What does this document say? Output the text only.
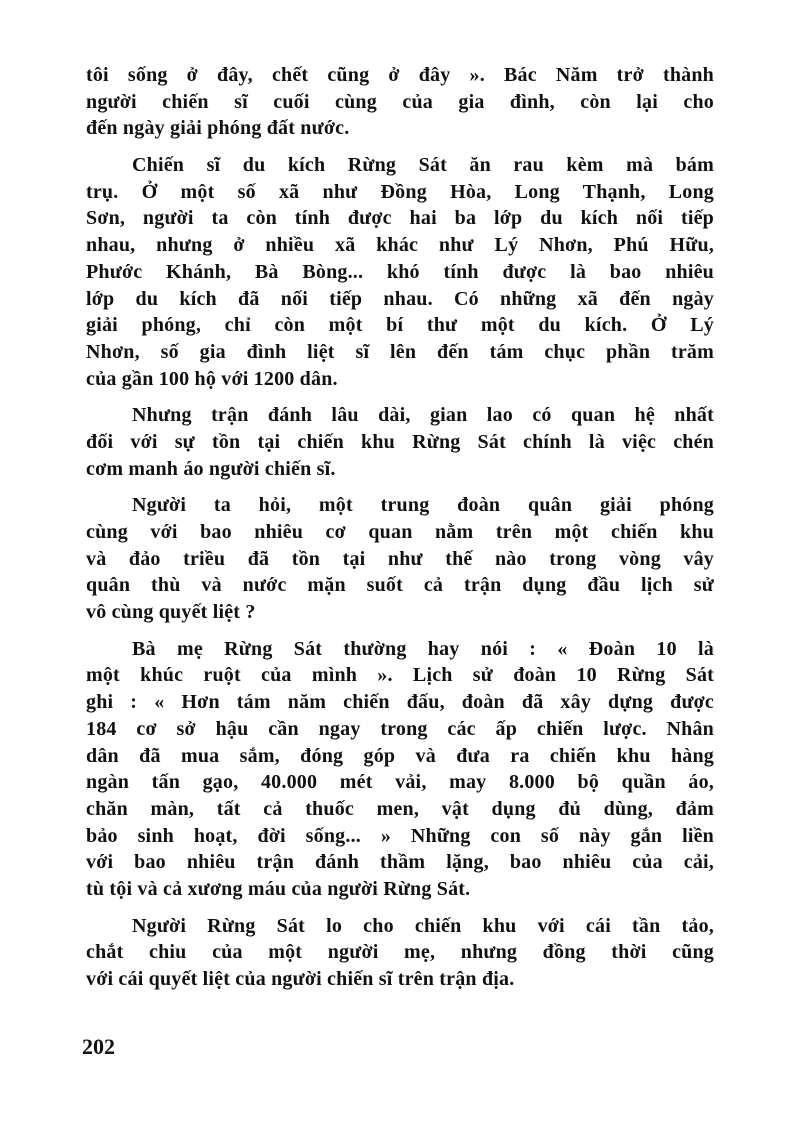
tôi sống ở đây, chết cũng ở đây ». Bác Năm trở thành
người chiến sĩ cuối cùng của gia đình, còn lại cho
đến ngày giải phóng đất nước.
Chiến sĩ du kích Rừng Sát ăn rau kèm mà bám
trụ. Ở một số xã như Đồng Hòa, Long Thạnh, Long
Sơn, người ta còn tính được hai ba lớp du kích nối tiếp
nhau, nhưng ở nhiều xã khác như Lý Nhơn, Phú Hữu,
Phước Khánh, Bà Bòng... khó tính được là bao nhiêu
lớp du kích đã nối tiếp nhau. Có những xã đến ngày
giải phóng, chỉ còn một bí thư một du kích. Ở Lý
Nhơn, số gia đình liệt sĩ lên đến tám chục phần trăm
của gần 100 hộ với 1200 dân.
Nhưng trận đánh lâu dài, gian lao có quan hệ nhất
đối với sự tồn tại chiến khu Rừng Sát chính là việc chén
cơm manh áo người chiến sĩ.
Người ta hỏi, một trung đoàn quân giải phóng
cùng với bao nhiêu cơ quan nằm trên một chiến khu
và đảo triều đã tồn tại như thế nào trong vòng vây
quân thù và nước mặn suốt cả trận dụng đầu lịch sử
vô cùng quyết liệt ?
Bà mẹ Rừng Sát thường hay nói : « Đoàn 10 là
một khúc ruột của mình ». Lịch sử đoàn 10 Rừng Sát
ghi : « Hơn tám năm chiến đấu, đoàn đã xây dựng được
184 cơ sở hậu cần ngay trong các ấp chiến lược. Nhân
dân đã mua sắm, đóng góp và đưa ra chiến khu hàng
ngàn tấn gạo, 40.000 mét vải, may 8.000 bộ quần áo,
chăn màn, tất cả thuốc men, vật dụng đủ dùng, đảm
bảo sinh hoạt, đời sống... » Những con số này gắn liền
với bao nhiêu trận đánh thầm lặng, bao nhiêu của cải,
tù tội và cả xương máu của người Rừng Sát.
Người Rừng Sát lo cho chiến khu với cái tần tảo,
chắt chiu của một người mẹ, nhưng đồng thời cũng
với cái quyết liệt của người chiến sĩ trên trận địa.
202
